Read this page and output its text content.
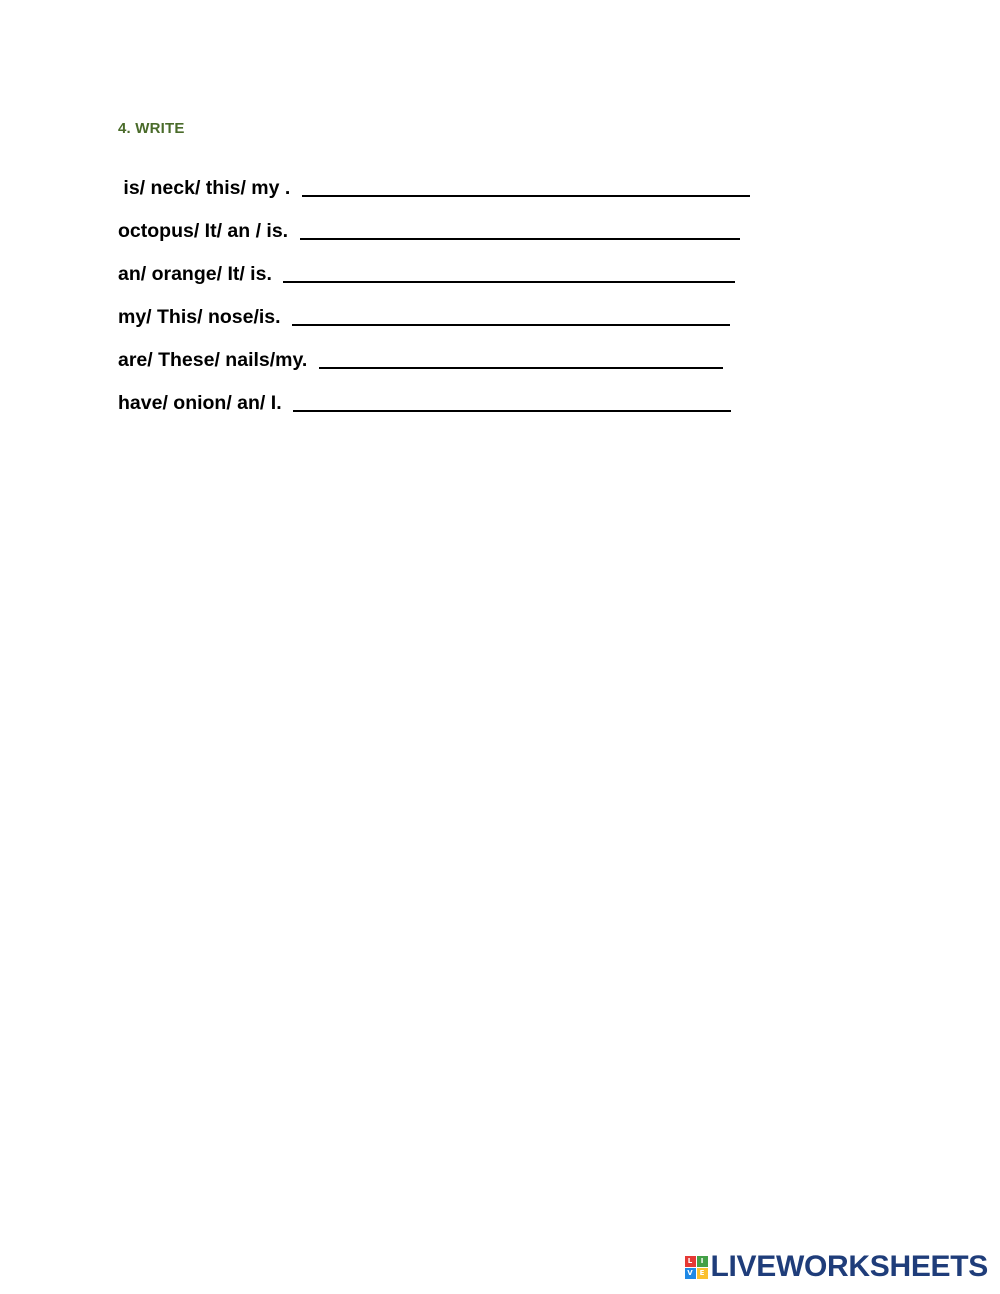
4. WRITE
is/ neck/ this/ my .
octopus/ It/ an / is.
an/ orange/ It/ is.
my/ This/ nose/is.
are/ These/ nails/my.
have/ onion/ an/ I.
L	I
V E LIVEWORKSHEETS
